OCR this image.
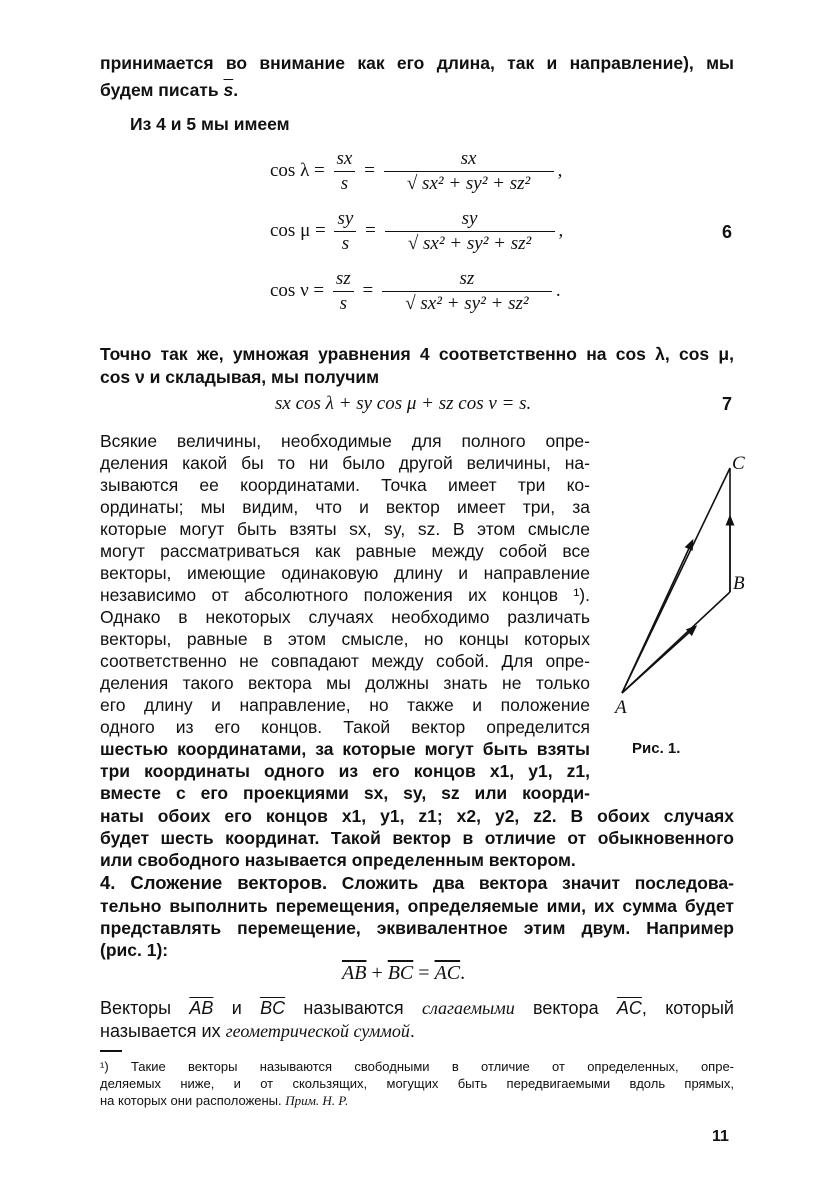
принимается во внимание как его длина, так и направление), мы
будем писать $\overline{s}$.
Из 4 и 5 мы имеем
$\cos \lambda = \frac{sx}{s} = \frac{sx}{\text{√ sx² + sy² + sz²}}$ ,
$\cos \mu = \frac{sy}{s} = \frac{sy}{\text{√ sx² + sy² + sz²}}$ ,	6
$\cos \nu = \frac{sz}{s} = \frac{sz}{\text{√ sx² + sy² + sz²}}$ .
Точно так же, умножая уравнения 4 соответственно на cos λ, cos μ,
cos ν и складывая, мы получим
sx cos λ + sy cos μ + sz cos ν = s.	7
Всякие величины, необходимые для полного опре-
деления какой бы то ни было другой величины, на-
зываются ее координатами. Точка имеет три ко-
ординаты; мы видим, что и вектор имеет три, за
которые могут быть взяты sx, sy, sz. В этом смысле
могут рассматриваться как равные между собой все
векторы, имеющие одинаковую длину и направление
независимо от абсолютного положения их концов ¹).
Однако в некоторых случаях необходимо различать
векторы, равные в этом смысле, но концы которых
соответственно не совпадают между собой. Для опре-
деления такого вектора мы должны знать не только
его длину и направление, но также и положение
одного из его концов. Такой вектор определится
шестью координатами, за которые могут быть взяты
три координаты одного из его концов x1, y1, z1,
вместе с его проекциями sx, sy, sz или коорди-
наты обоих его концов x1, y1, z1; x2, y2, z2. В обоих случаях
будет шесть координат. Такой вектор в отличие от обыкновенного
или свободного называется определенным вектором.
A
B
C
Рис. 1.
4. Сложение векторов. Сложить два вектора значит последова-
тельно выполнить перемещения, определяемые ими, их сумма будет
представлять перемещение, эквивалентное этим двум. Например
(рис. 1):
$\overline{AB} + \overline{BC} = \overline{AC}$.
Векторы $\overline{AB}$ и $\overline{BC}$ называются слагаемыми вектора $\overline{AC}$, который
называется их геометрической суммой.
¹) Такие векторы называются свободными в отличие от определенных, опре-
деляемых ниже, и от скользящих, могущих быть передвигаемыми вдоль прямых,
на которых они расположены. Прим. Н. Р.
11
